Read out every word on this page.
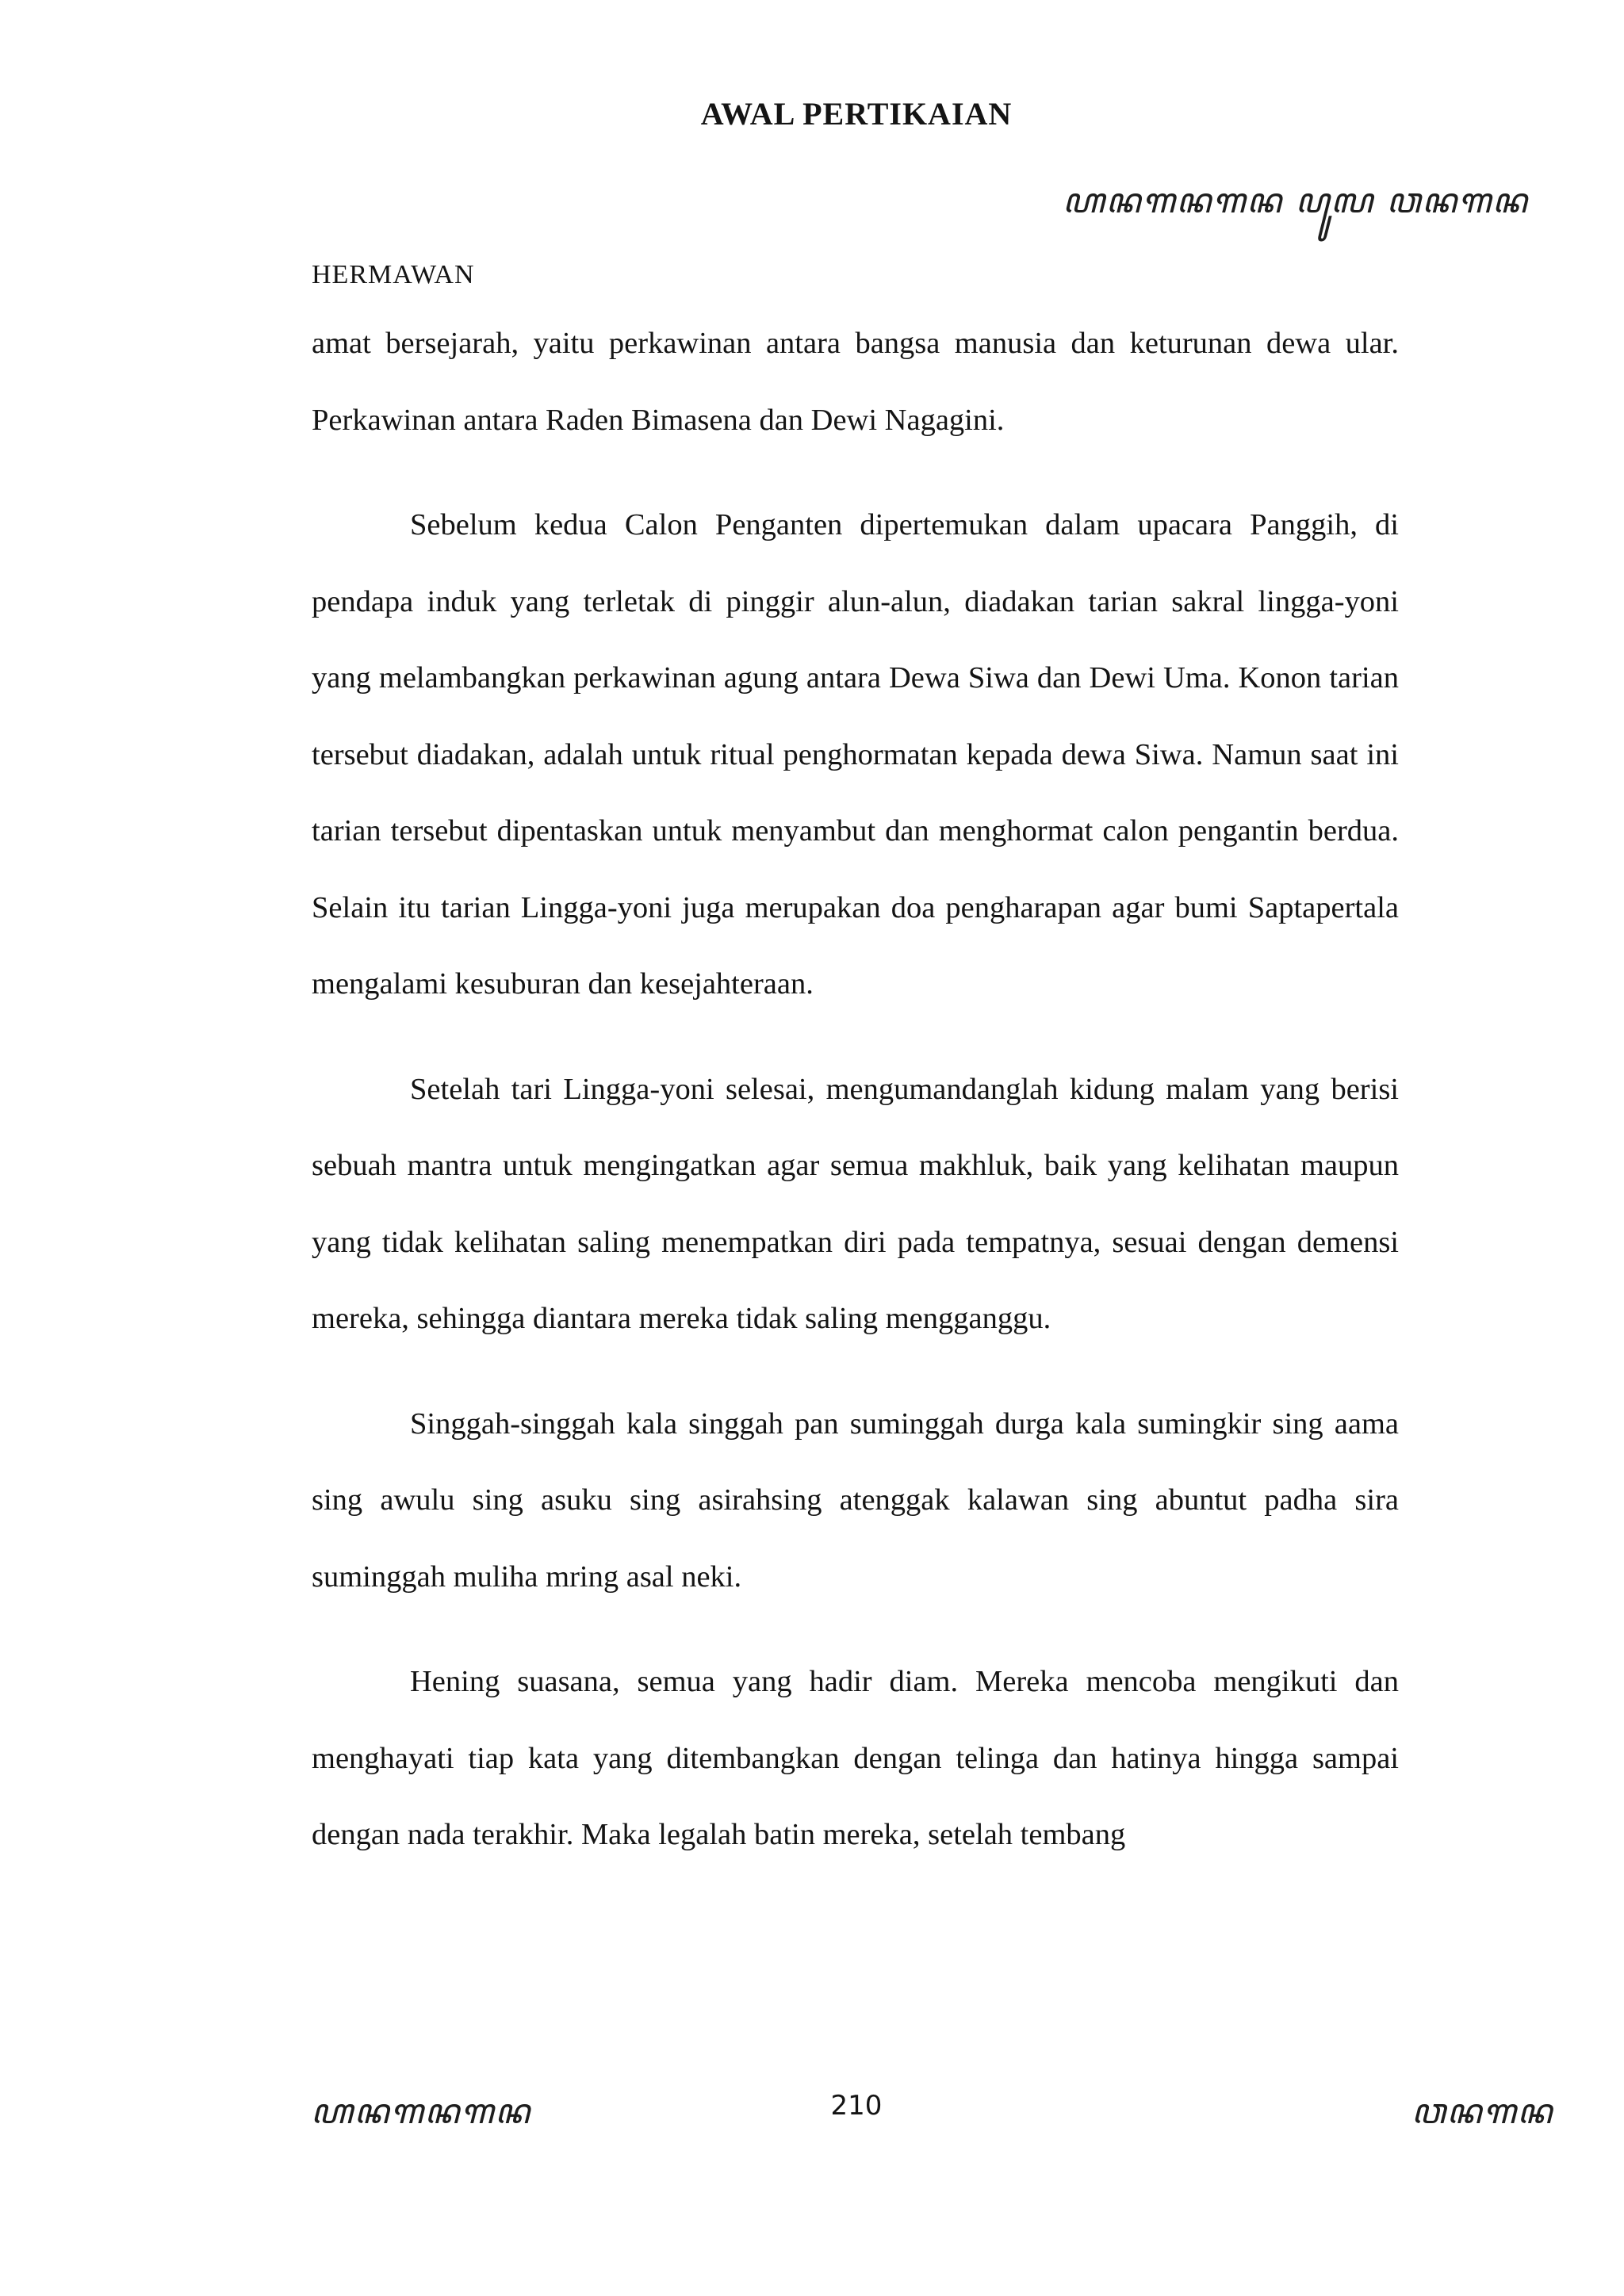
AWAL PERTIKAIAN
ꦲꦤꦒꦤꦒꦤ ꦥꦸꦭ ꦮꦤꦒꦤ
HERMAWAN

amat bersejarah, yaitu perkawinan antara bangsa manusia dan keturunan dewa ular. Perkawinan antara Raden Bimasena dan Dewi Nagagini.

Sebelum kedua Calon Penganten dipertemukan dalam upacara Panggih, di pendapa induk yang terletak di pinggir alun-alun, diadakan tarian sakral lingga-yoni yang melambangkan perkawinan agung antara Dewa Siwa dan Dewi Uma. Konon tarian tersebut diadakan, adalah untuk ritual penghormatan kepada dewa Siwa. Namun saat ini tarian tersebut dipentaskan untuk menyambut dan menghormat calon pengantin berdua. Selain itu tarian Lingga-yoni juga merupakan doa pengharapan agar bumi Saptapertala mengalami kesuburan dan kesejahteraan.

Setelah tari Lingga-yoni selesai, mengumandanglah kidung malam yang berisi sebuah mantra untuk mengingatkan agar semua makhluk, baik yang kelihatan maupun yang tidak kelihatan saling menempatkan diri pada tempatnya, sesuai dengan demensi mereka, sehingga diantara mereka tidak saling mengganggu.

Singgah-singgah kala singgah pan suminggah durga kala sumingkir sing aama sing awulu sing asuku sing asirahsing atenggak kalawan sing abuntut padha sira suminggah muliha mring asal neki.

Hening suasana, semua yang hadir diam. Mereka mencoba mengikuti dan menghayati tiap kata yang ditembangkan dengan telinga dan hatinya hingga sampai dengan nada terakhir. Maka legalah batin mereka, setelah tembang

210
ꦲꦤꦒꦤꦒꦤ	ꦮꦤꦒꦤ
